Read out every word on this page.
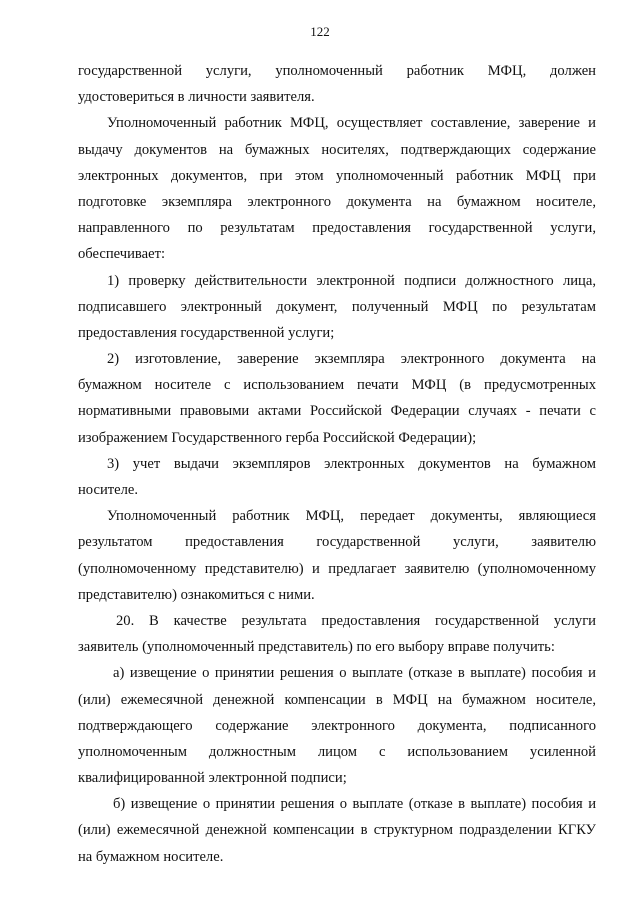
122
государственной услуги, уполномоченный работник МФЦ, должен
удостовериться в личности заявителя.
Уполномоченный работник МФЦ, осуществляет составление, заверение и
выдачу документов на бумажных носителях, подтверждающих содержание
электронных документов, при этом уполномоченный работник МФЦ при
подготовке экземпляра электронного документа на бумажном носителе,
направленного по результатам предоставления государственной услуги,
обеспечивает:
1) проверку действительности электронной подписи должностного лица,
подписавшего электронный документ, полученный МФЦ по результатам
предоставления государственной услуги;
2) изготовление, заверение экземпляра электронного документа на
бумажном носителе с использованием печати МФЦ (в предусмотренных
нормативными правовыми актами Российской Федерации случаях - печати с
изображением Государственного герба Российской Федерации);
3) учет выдачи экземпляров электронных документов на бумажном
носителе.
Уполномоченный работник МФЦ, передает документы, являющиеся
результатом предоставления государственной услуги, заявителю
(уполномоченному представителю) и предлагает заявителю (уполномоченному
представителю) ознакомиться с ними.
20. В качестве результата предоставления государственной услуги
заявитель (уполномоченный представитель) по его выбору вправе получить:
а) извещение о принятии решения о выплате (отказе в выплате) пособия и
(или) ежемесячной денежной компенсации в МФЦ на бумажном носителе,
подтверждающего содержание электронного документа, подписанного
уполномоченным должностным лицом с использованием усиленной
квалифицированной электронной подписи;
б) извещение о принятии решения о выплате (отказе в выплате) пособия и
(или) ежемесячной денежной компенсации в структурном подразделении КГКУ
на бумажном носителе.
